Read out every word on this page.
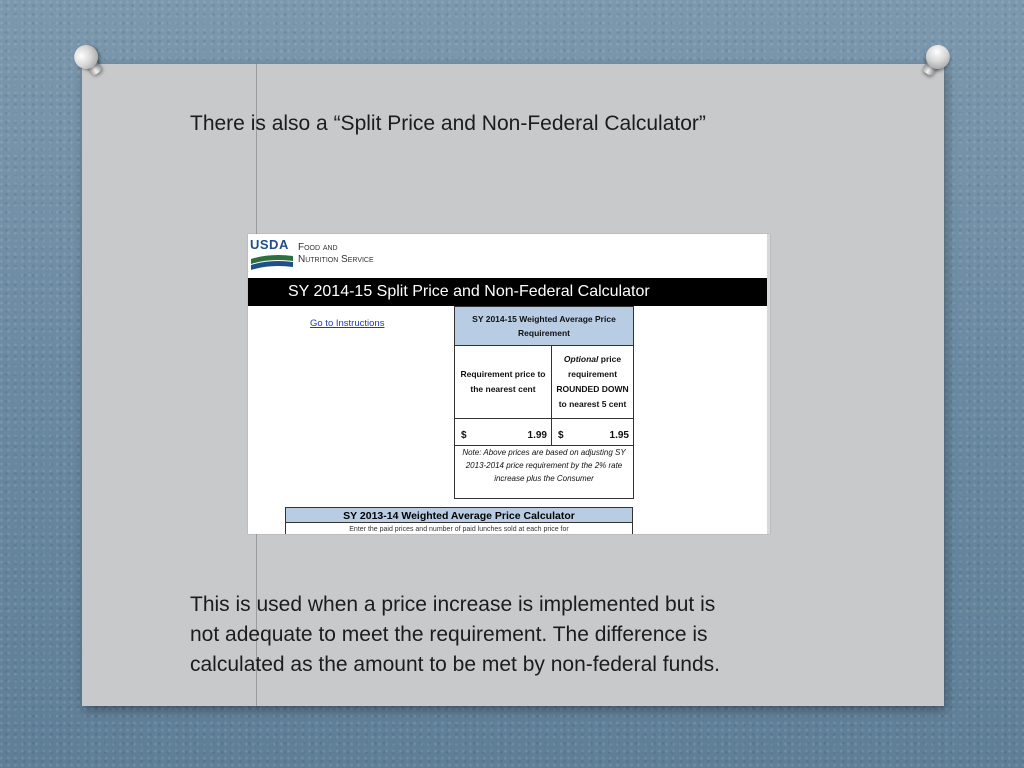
There is also a “Split Price and Non-Federal Calculator”
USDA Food and
Nutrition Service
SY 2014-15 Split Price and Non-Federal Calculator
Go to Instructions	SY 2014-15 Weighted Average Price Requirement	
Requirement price to the nearest cent	Optional price requirement ROUNDED DOWN to nearest 5 cent

$ 1.99	$ 1.95

Note: Above prices are based on adjusting SY 2013-2014 price requirement by the 2% rate increase plus the Consumer	
SY 2013-14 Weighted Average Price Calculator
Enter the paid prices and number of paid lunches sold at each price for
This is used when a price increase is implemented but is
not adequate to meet the requirement. The difference is
calculated as the amount to be met by non-federal funds.
